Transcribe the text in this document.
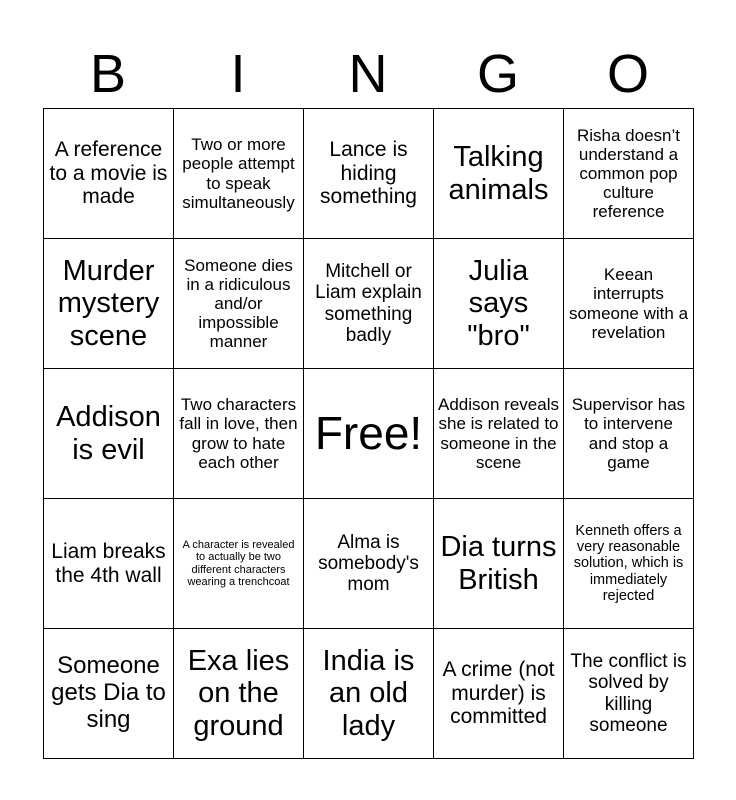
B	I	N	G	O
A reference to a movie is made	Two or more people attempt to speak simultaneously	Lance is hiding something	Talking animals	Risha doesn’t understand a common pop culture reference
Murder mystery scene	Someone dies in a ridiculous and/or impossible manner	Mitchell or Liam explain something badly	Julia says "bro"	Keean interrupts someone with a revelation
Addison is evil	Two characters fall in love, then grow to hate each other	Free!	Addison reveals she is related to someone in the scene	Supervisor has to intervene and stop a game
Liam breaks the 4th wall	A character is revealed to actually be two different characters wearing a trenchcoat	Alma is somebody's mom	Dia turns British	Kenneth offers a very reasonable solution, which is immediately rejected
Someone gets Dia to sing	Exa lies on the ground	India is an old lady	A crime (not murder) is committed	The conflict is solved by killing someone
